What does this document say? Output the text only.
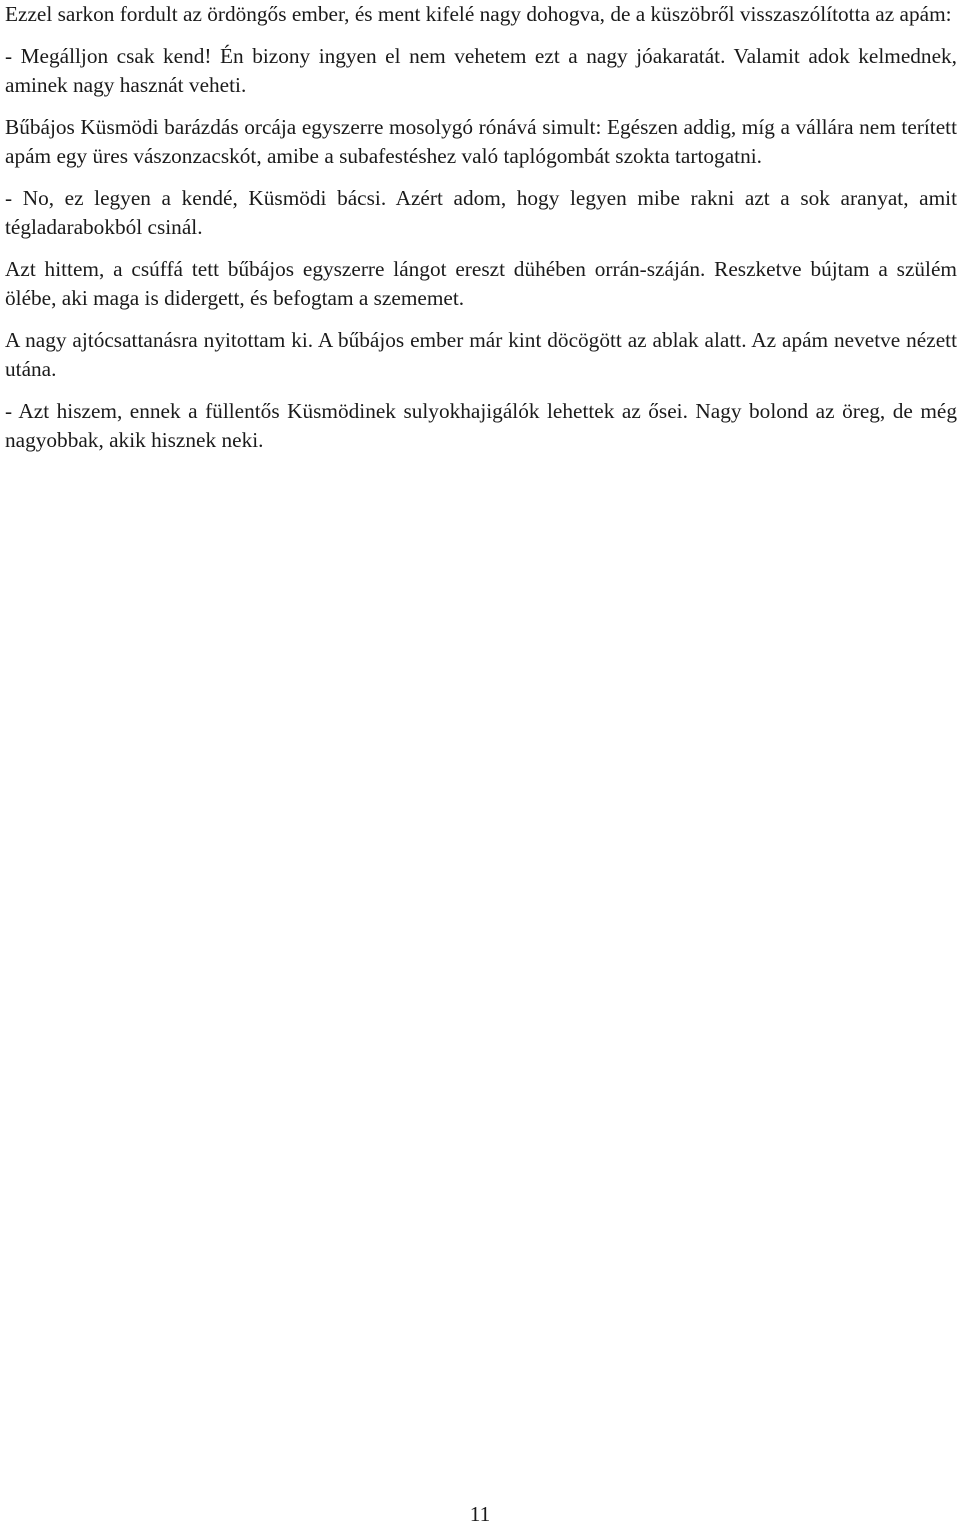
Ezzel sarkon fordult az ördöngős ember, és ment kifelé nagy dohogva, de a küszöbről visszaszólította az apám:

- Megálljon csak kend! Én bizony ingyen el nem vehetem ezt a nagy jóakaratát. Valamit adok kelmednek, aminek nagy hasznát veheti.

Bűbájos Küsmödi barázdás orcája egyszerre mosolygó rónává simult: Egészen addig, míg a vállára nem terített apám egy üres vászonzacskót, amibe a subafestéshez való taplógombát szokta tartogatni.

- No, ez legyen a kendé, Küsmödi bácsi. Azért adom, hogy legyen mibe rakni azt a sok aranyat, amit tégladarabokból csinál.

Azt hittem, a csúffá tett bűbájos egyszerre lángot ereszt dühében orrán-száján. Reszketve bújtam a szülém ölébe, aki maga is didergett, és befogtam a szememet.

A nagy ajtócsattanásra nyitottam ki. A bűbájos ember már kint döcögött az ablak alatt. Az apám nevetve nézett utána.

- Azt hiszem, ennek a füllentős Küsmödinek sulyokhajigálók lehettek az ősei. Nagy bolond az öreg, de még nagyobbak, akik hisznek neki.

11
